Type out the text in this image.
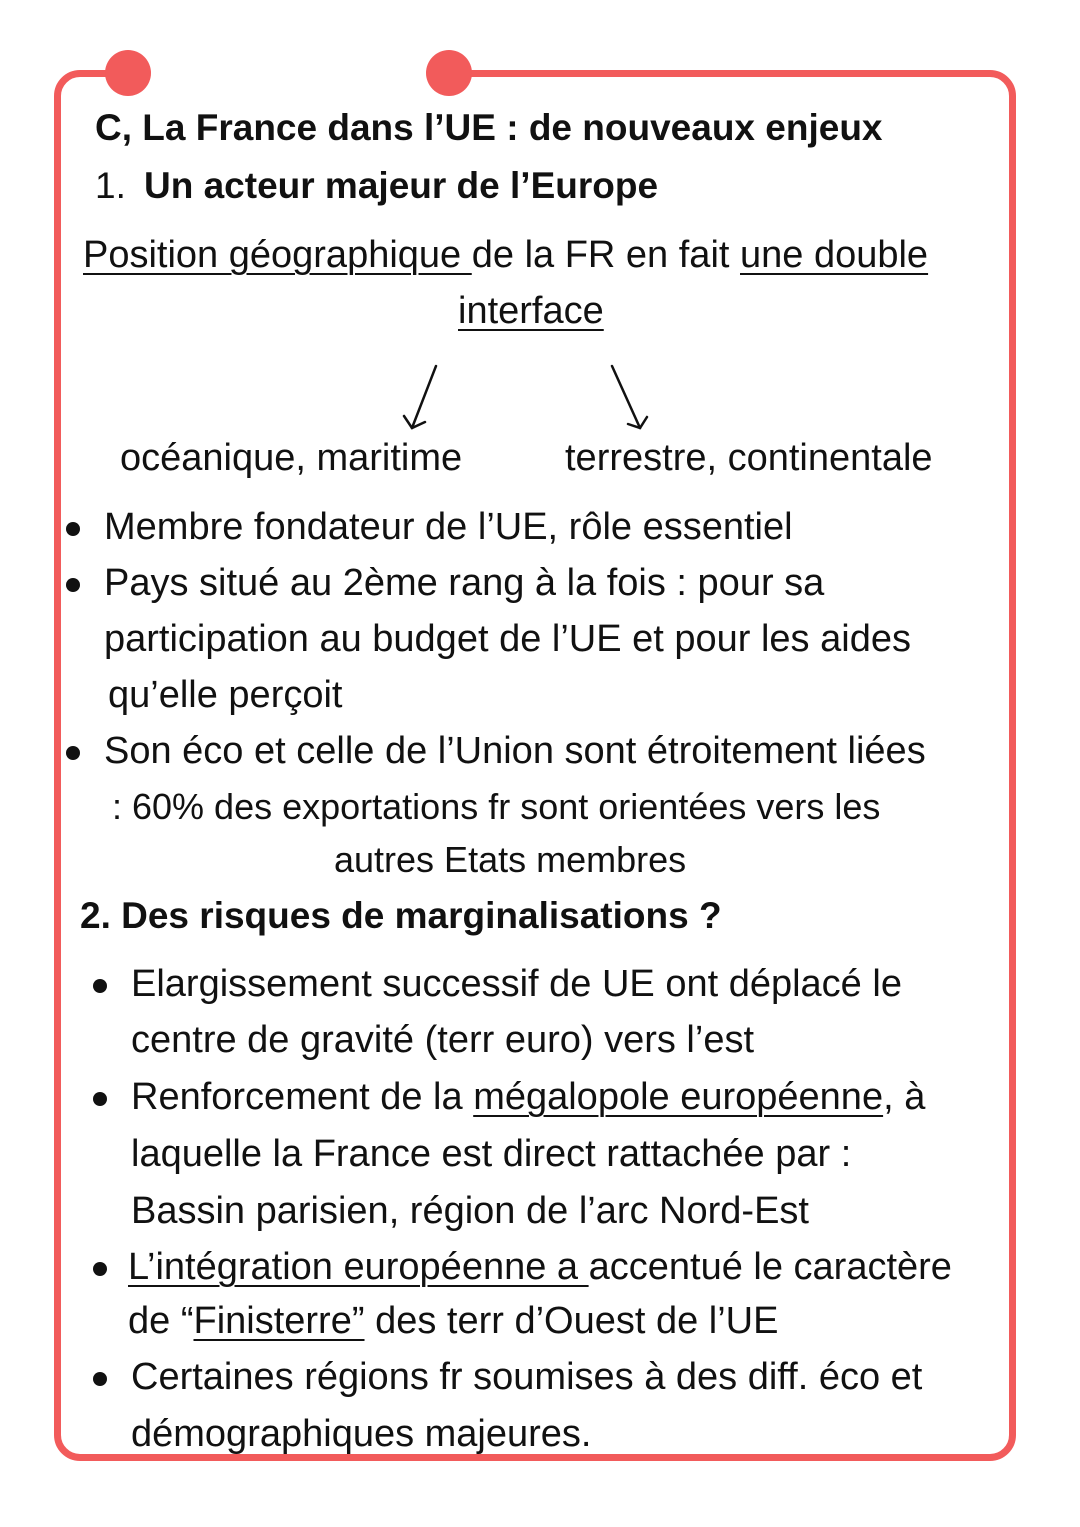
C, La France dans l’UE : de nouveaux enjeux
1. Un acteur majeur de l’Europe
Position géographique de la FR en fait une double
interface
océanique, maritime	terrestre, continentale
Membre fondateur de l’UE, rôle essentiel
Pays situé au 2ème rang à la fois : pour sa
participation au budget de l’UE et pour les aides
qu’elle perçoit
Son éco et celle de l’Union sont étroitement liées
: 60% des exportations fr sont orientées vers les
autres Etats membres
2. Des risques de marginalisations ?
Elargissement successif de UE ont déplacé le
centre de gravité (terr euro) vers l’est
Renforcement de la mégalopole européenne, à
laquelle la France est direct rattachée par :
Bassin parisien, région de l’arc Nord-Est
L’intégration européenne a accentué le caractère
de “Finisterre” des terr d’Ouest de l’UE
Certaines régions fr soumises à des diff. éco et
démographiques majeures.
